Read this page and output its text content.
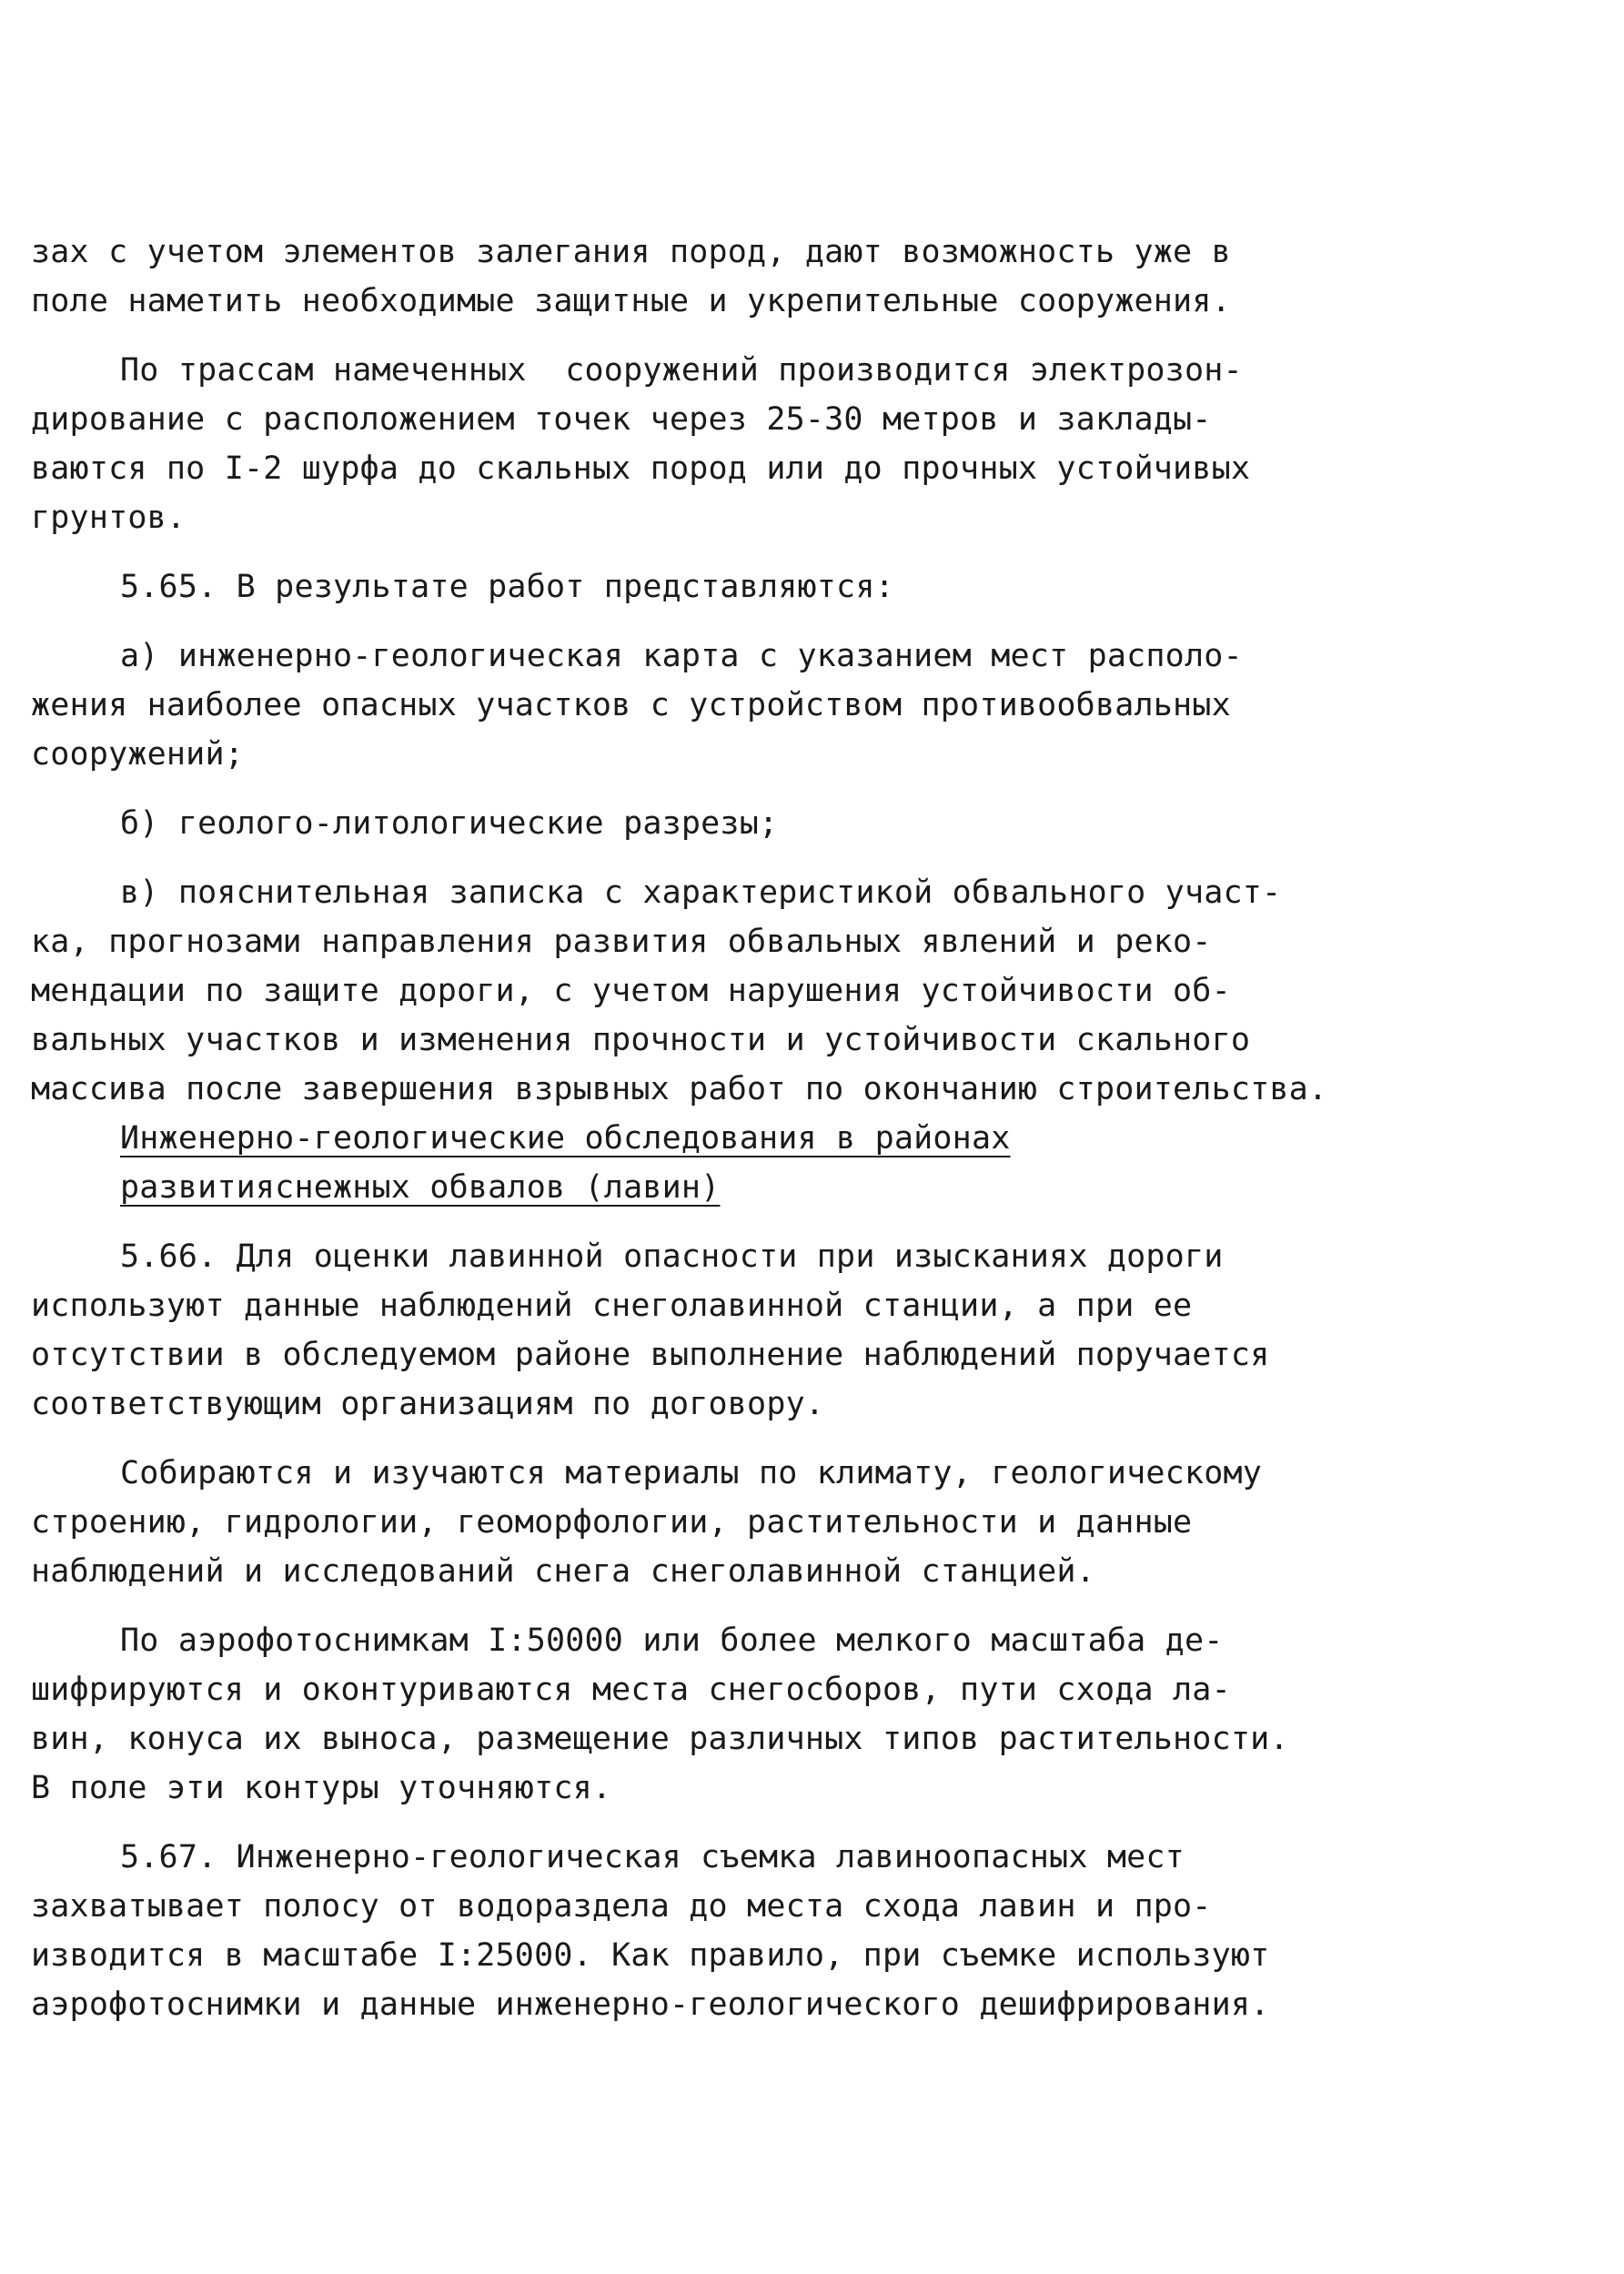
зах с учетом элементов залегания пород, дают возможность уже в
поле наметить необходимые защитные и укрепительные сооружения.
По трассам намеченных  сооружений производится электрозон-
дирование с расположением точек через 25-30 метров и заклады-
ваются по I-2 шурфа до скальных пород или до прочных устойчивых
грунтов.
5.65. В результате работ представляются:
а) инженерно-геологическая карта с указанием мест располо-
жения наиболее опасных участков с устройством противообвальных
сооружений;
б) геолого-литологические разрезы;
в) пояснительная записка с характеристикой обвального участ-
ка, прогнозами направления развития обвальных явлений и реко-
мендации по защите дороги, с учетом нарушения устойчивости об-
вальных участков и изменения прочности и устойчивости скального
массива после завершения взрывных работ по окончанию строительства.
Инженерно-геологические обследования в районах
развитияснежных обвалов (лавин)
5.66. Для оценки лавинной опасности при изысканиях дороги
используют данные наблюдений снеголавинной станции, а при ее
отсутствии в обследуемом районе выполнение наблюдений поручается
соответствующим организациям по договору.
Собираются и изучаются материалы по климату, геологическому
строению, гидрологии, геоморфологии, растительности и данные
наблюдений и исследований снега снеголавинной станцией.
По аэрофотоснимкам I:50000 или более мелкого масштаба де-
шифрируются и оконтуриваются места снегосборов, пути схода ла-
вин, конуса их выноса, размещение различных типов растительности.
В поле эти контуры уточняются.
5.67. Инженерно-геологическая съемка лавиноопасных мест
захватывает полосу от водораздела до места схода лавин и про-
изводится в масштабе I:25000. Как правило, при съемке используют
аэрофотоснимки и данные инженерно-геологического дешифрирования.
